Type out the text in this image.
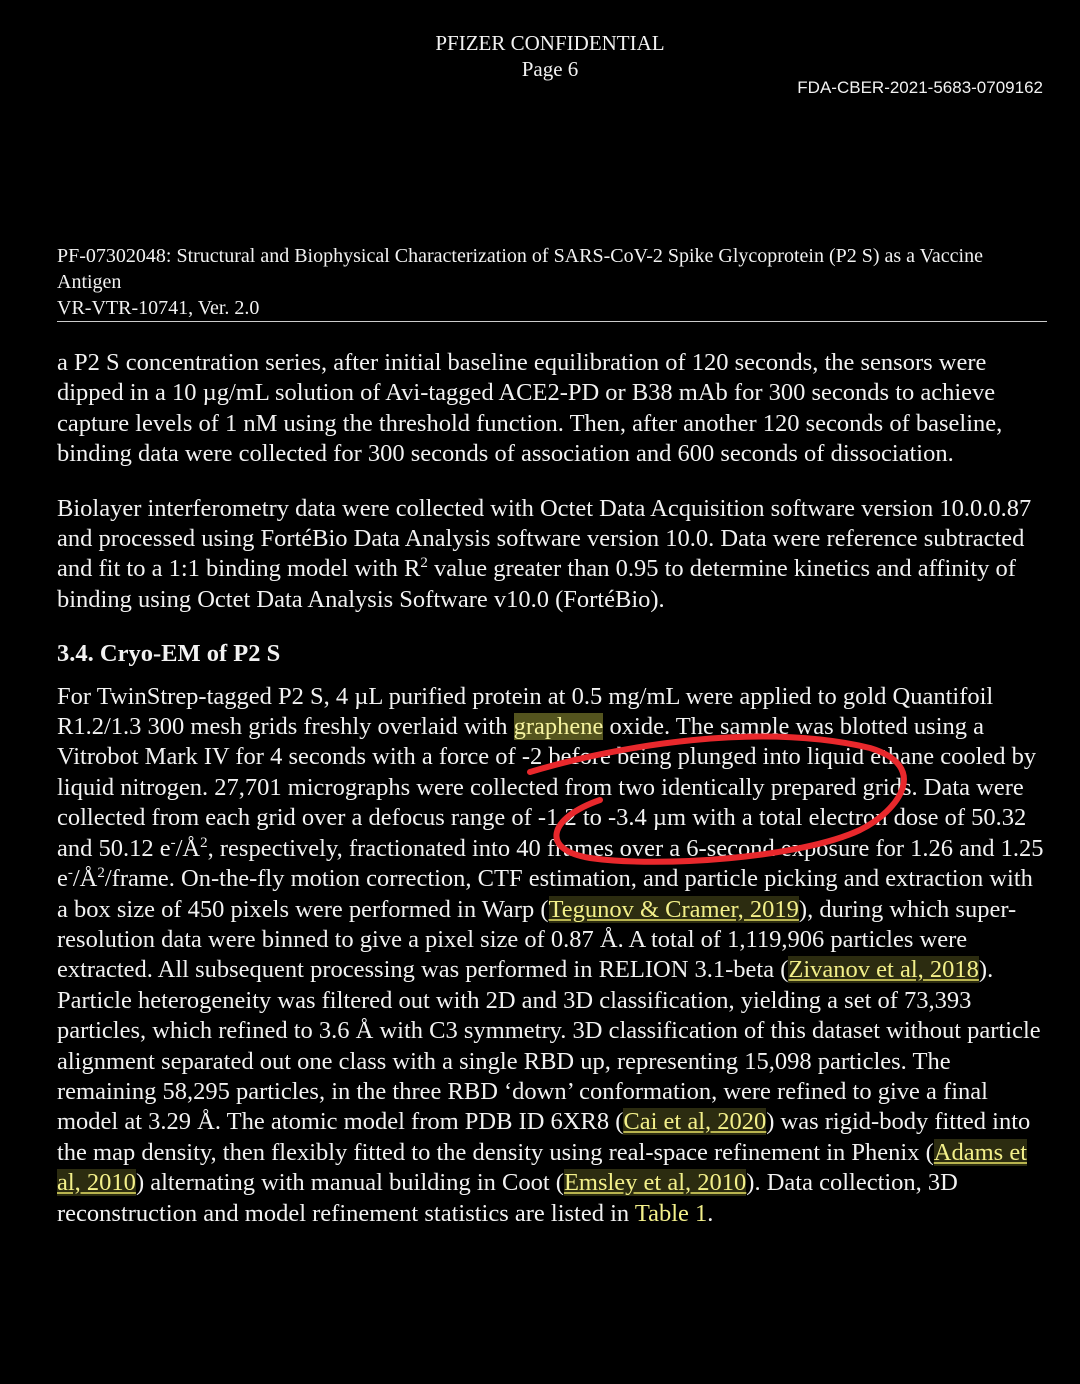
PFIZER CONFIDENTIAL
Page 6
FDA-CBER-2021-5683-0709162
PF-07302048: Structural and Biophysical Characterization of SARS-CoV-2 Spike Glycoprotein (P2 S) as a Vaccine Antigen
VR-VTR-10741, Ver. 2.0

a P2 S concentration series, after initial baseline equilibration of 120 seconds, the sensors were dipped in a 10 µg/mL solution of Avi-tagged ACE2-PD or B38 mAb for 300 seconds to achieve capture levels of 1 nM using the threshold function. Then, after another 120 seconds of baseline, binding data were collected for 300 seconds of association and 600 seconds of dissociation.

Biolayer interferometry data were collected with Octet Data Acquisition software version 10.0.0.87 and processed using FortéBio Data Analysis software version 10.0. Data were reference subtracted and fit to a 1:1 binding model with $R^2$ value greater than 0.95 to determine kinetics and affinity of binding using Octet Data Analysis Software v10.0 (FortéBio).

3.4. Cryo-EM of P2 S

For TwinStrep-tagged P2 S, 4 µL purified protein at 0.5 mg/mL were applied to gold Quantifoil R1.2/1.3 300 mesh grids freshly overlaid with graphene oxide. The sample was blotted using a Vitrobot Mark IV for 4 seconds with a force of -2 before being plunged into liquid ethane cooled by liquid nitrogen. 27,701 micrographs were collected from two identically prepared grids. Data were collected from each grid over a defocus range of -1.2 to -3.4 µm with a total electron dose of 50.32 and 50.12 $e^-/Å^2$, respectively, fractionated into 40 frames over a 6-second exposure for 1.26 and 1.25 $e^-/Å^2$/frame. On-the-fly motion correction, CTF estimation, and particle picking and extraction with a box size of 450 pixels were performed in Warp (Tegunov & Cramer, 2019), during which super-resolution data were binned to give a pixel size of 0.87 Å. A total of 1,119,906 particles were extracted. All subsequent processing was performed in RELION 3.1-beta (Zivanov et al, 2018). Particle heterogeneity was filtered out with 2D and 3D classification, yielding a set of 73,393 particles, which refined to 3.6 Å with C3 symmetry. 3D classification of this dataset without particle alignment separated out one class with a single RBD up, representing 15,098 particles. The remaining 58,295 particles, in the three RBD ‘down’ conformation, were refined to give a final model at 3.29 Å. The atomic model from PDB ID 6XR8 (Cai et al, 2020) was rigid-body fitted into the map density, then flexibly fitted to the density using real-space refinement in Phenix (Adams et al, 2010) alternating with manual building in Coot (Emsley et al, 2010). Data collection, 3D reconstruction and model refinement statistics are listed in Table 1.
